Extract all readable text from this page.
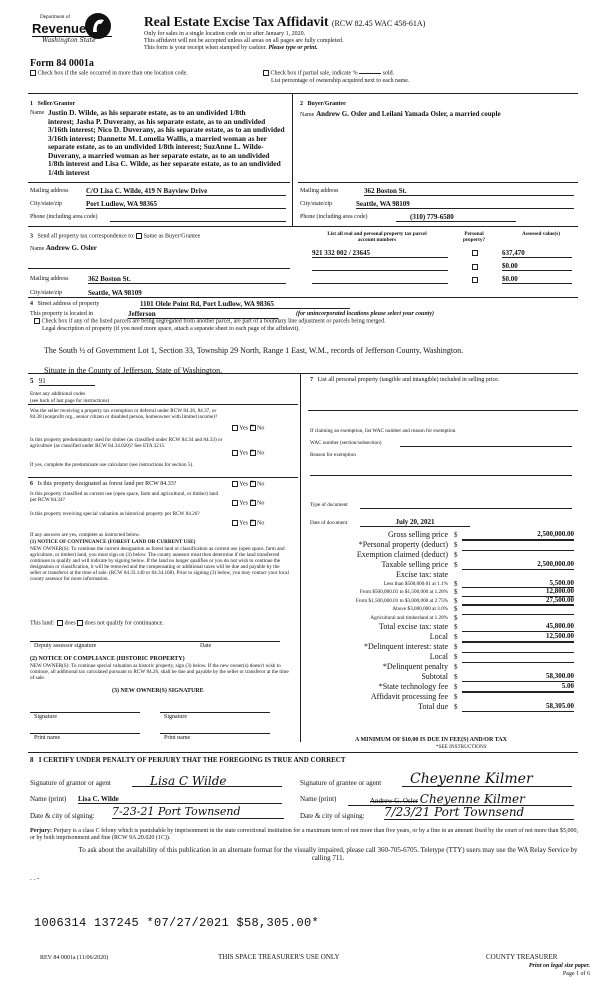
Department of
Revenue
Washington State
Real Estate Excise Tax Affidavit (RCW 82.45 WAC 458-61A)
Only for sales in a single location code on or after January 1, 2020.
This affidavit will not be accepted unless all areas on all pages are fully completed.
This form is your receipt when stamped by cashier. Please type or print.
Form 84 0001a
Check box if the sale occurred in more than one location code.	Check box if partial sale, indicate %	sold.
List percentage of ownership acquired next to each name.
1 Seller/Grantor
Name Justin D. Wilde, as his separate estate, as to an undivided 1/8th
interest; Jasha P. Duverany, as his separate estate, as to an undivided
3/16th interest; Nico D. Duverany, as his separate estate, as to an undivided
3/16th interest; Dannette M. Lomelia Wallis, a married woman as her
separate estate, as to an undivided 1/8th interest; SuzAnne L. Wilde-
Duverany, a married woman as her separate estate, as to an undivided
1/8th interest and Lisa C. Wilde, as her separate estate, as to an undivided
1/4th interest
Mailing address	C/O Lisa C. Wilde, 419 N Bayview Drive
City/state/zip	Port Ludlow, WA 98365
Phone (including area code)
2 Buyer/Grantee
Name Andrew G. Osler and Leilani Yamada Osler, a married couple
Mailing address	362 Boston St.
City/state/zip	Seattle, WA 98109
Phone (including area code)	(310) 779-6580
3 Send all property tax correspondence to: Same as Buyer/Grantee
Name Andrew G. Osler
Mailing address	362 Boston St.
City/state/zip	Seattle, WA 98109
List all real and personal property tax parcel account numbers
Personal property?
Assessed value(s)
921 332 002 / 23645	637,470
$0.00
$0.00
4 Street address of property	1101 Olele Point Rd, Port Ludlow, WA 98365
This property is located in	Jefferson	(for unincorporated locations please select your county)
Check box if any of the listed parcels are being segregated from another parcel, are part of a boundary line adjustment or parcels being merged.
Legal description of property (if you need more space, attach a separate sheet to each page of the affidavit).
The South ½ of Government Lot 1, Section 33, Township 29 North, Range 1 East, W.M., records of Jefferson County, Washington.
Situate in the County of Jefferson, State of Washington.
5 91
Enter any additional codes
(see back of last page for instructions)
Was the seller receiving a property tax exemption or deferral under RCW 84.36, 84.37, or 84.38 (nonprofit org., senior citizen or disabled person, homeowner with limited income)?
Yes × No
Is this property predominantly used for timber (as classified under RCW 84.34 and 84.33) or agriculture (as classified under RCW 84.34.020)? See ETA 3215.
Yes × No
If yes, complete the predominate use calculator (see instructions for section 5).
6 Is this property designated as forest land per RCW 84.33?	Yes × No
Is this property classified as current use (open space, farm and agricultural, or timber) land per RCW 84.34?
Yes × No
Is this property receiving special valuation as historical property per RCW 84.26?
Yes × No
If any answers are yes, complete as instructed below.
(1) NOTICE OF CONTINUANCE (FOREST LAND OR CURRENT USE)
NEW OWNER(S): To continue the current designation as forest land or classification as current use (open space, farm and agriculture, or timber) land, you must sign on (3) below. The county assessor must then determine if the land transferred continues to qualify and will indicate by signing below. If the land no longer qualifies or you do not wish to continue the designation or classification, it will be removed and the compensating or additional taxes will be due and payable by the seller or transferor at the time of sale. (RCW 84.33.140 or 84.34.108). Prior to signing (3) below, you may contact your local county assessor for more information.
This land: does does not qualify for continuance.
Deputy assessor signature	Date
(2) NOTICE OF COMPLIANCE (HISTORIC PROPERTY)
NEW OWNER(S): To continue special valuation as historic property, sign (3) below. If the new owner(s) doesn't wish to continue, all additional tax calculated pursuant to RCW 84.26, shall be due and payable by the seller or transferor at the time of sale.
(3) NEW OWNER(S) SIGNATURE
Signature	Signature
Print name	Print name
7 List all personal property (tangible and intangible) included in selling price.
If claiming an exemption, list WAC number and reason for exemption.
WAC number (section/subsection)
Reason for exemption
Type of document
Date of document	July 20, 2021
Gross selling price $	2,500,000.00
*Personal property (deduct) $
Exemption claimed (deduct) $
Taxable selling price $	2,500,000.00
Excise tax: state
Less than $500,000.01 at 1.1% $	5,500.00
From $500,000.01 to $1,500,000 at 1.28% $	12,800.00
From $1,500,000.01 to $3,000,000 at 2.75% $	27,500.00
Above $3,000,000 at 3.0% $
Agricultural and timberland at 1.28% $
Total excise tax: state $	45,800.00
Local $	12,500.00
*Delinquent interest: state $
Local $
*Delinquent penalty $
Subtotal $	58,300.00
*State technology fee $	5.00
Affidavit processing fee $
Total due $	58,305.00
A MINIMUM OF $10.00 IS DUE IN FEE(S) AND/OR TAX
*SEE INSTRUCTIONS
8 I CERTIFY UNDER PENALTY OF PERJURY THAT THE FOREGOING IS TRUE AND CORRECT
Signature of grantor or agent	Lisa C Wilde
Name (print) Lisa C. Wilde
Date & city of signing: 7-23-21 Port Townsend
Signature of grantee or agent	Cheyenne Kilmer
Name (print)	Andrew G. Osler Cheyenne Kilmer
Date & city of signing: 7/23/21 Port Townsend
Perjury: Perjury is a class C felony which is punishable by imprisonment in the state correctional institution for a maximum term of not more than five years, or by a fine in an amount fixed by the court of not more than $5,000, or by both imprisonment and fine (RCW 9A.20.020 (1C)).
To ask about the availability of this publication in an alternate format for the visually impaired, please call 360-705-6705. Teletype (TTY) users may use the WA Relay Service by calling 711.
. . -
1006314 137245 *07/27/2021 $58,305.00*
REV 84 0001a (11/06/2020)	THIS SPACE TREASURER'S USE ONLY	COUNTY TREASURER
Print on legal size paper.
Page 1 of 6
